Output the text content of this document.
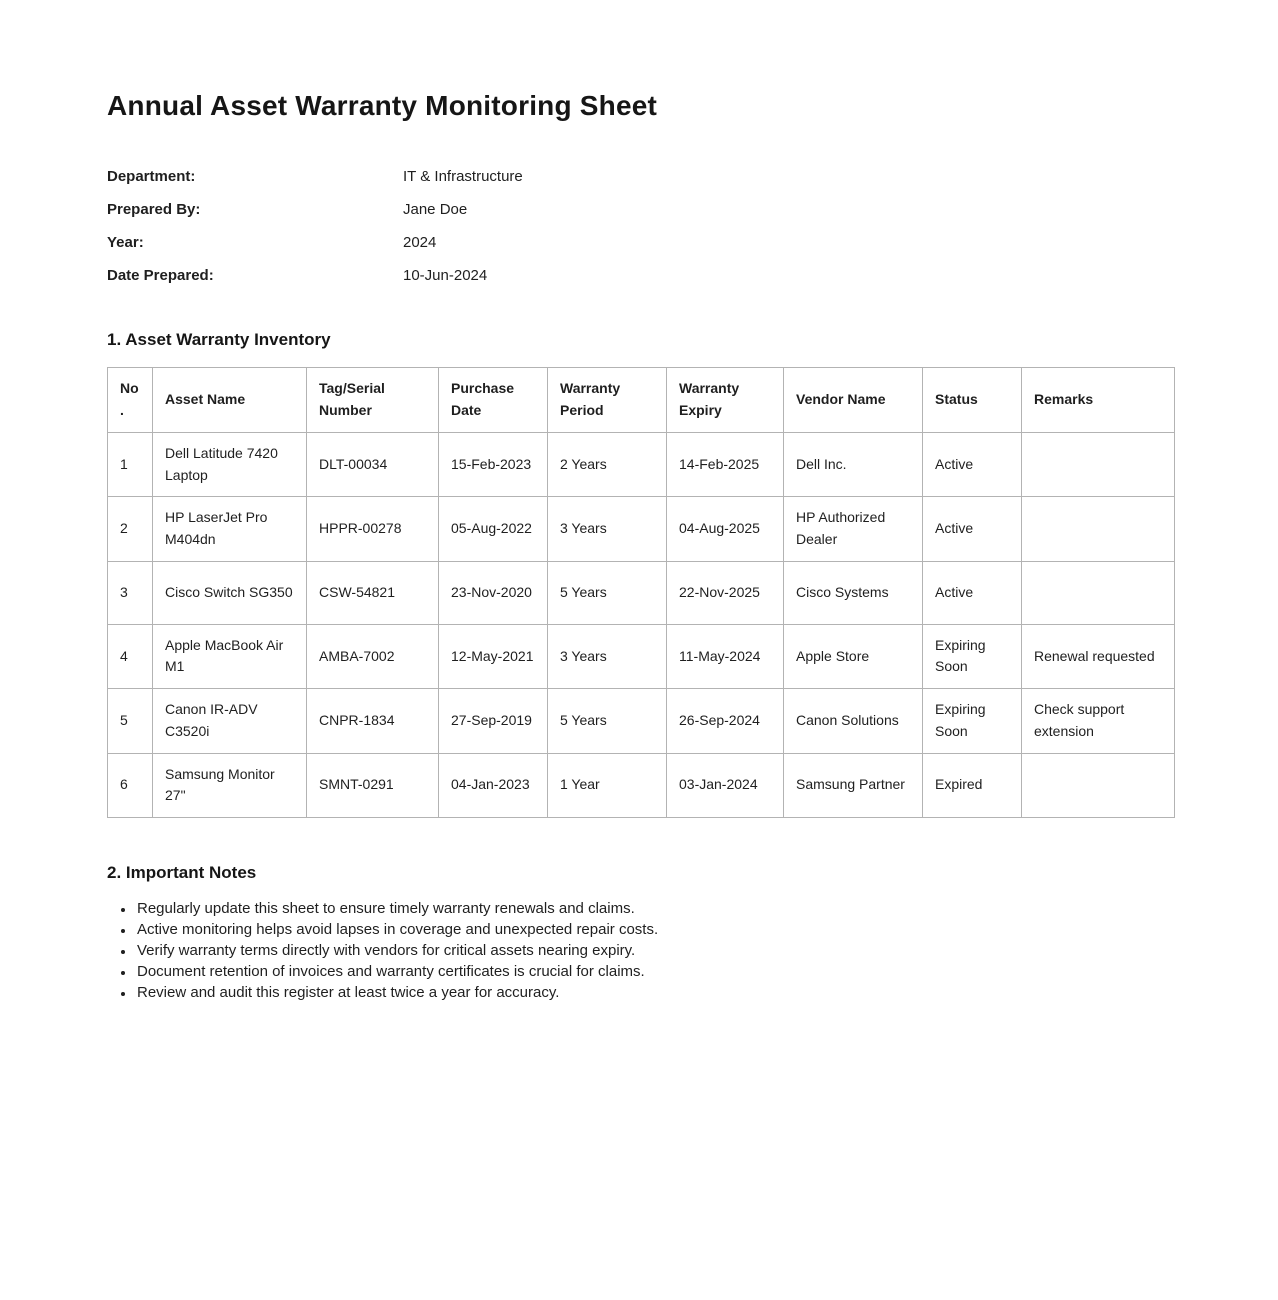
Annual Asset Warranty Monitoring Sheet
Department:	IT & Infrastructure
Prepared By:	Jane Doe
Year:	2024
Date Prepared:	10-Jun-2024
1. Asset Warranty Inventory
No.	Asset Name	Tag/Serial Number	Purchase Date	Warranty Period	Warranty Expiry	Vendor Name	Status	Remarks
1	Dell Latitude 7420 Laptop	DLT-00034	15-Feb-2023	2 Years	14-Feb-2025	Dell Inc.	Active	
2	HP LaserJet Pro M404dn	HPPR-00278	05-Aug-2022	3 Years	04-Aug-2025	HP Authorized Dealer	Active	
3	Cisco Switch SG350	CSW-54821	23-Nov-2020	5 Years	22-Nov-2025	Cisco Systems	Active	
4	Apple MacBook Air M1	AMBA-7002	12-May-2021	3 Years	11-May-2024	Apple Store	Expiring Soon	Renewal requested
5	Canon IR-ADV C3520i	CNPR-1834	27-Sep-2019	5 Years	26-Sep-2024	Canon Solutions	Expiring Soon	Check support extension
6	Samsung Monitor 27"	SMNT-0291	04-Jan-2023	1 Year	03-Jan-2024	Samsung Partner	Expired	
2. Important Notes
• Regularly update this sheet to ensure timely warranty renewals and claims.
• Active monitoring helps avoid lapses in coverage and unexpected repair costs.
• Verify warranty terms directly with vendors for critical assets nearing expiry.
• Document retention of invoices and warranty certificates is crucial for claims.
• Review and audit this register at least twice a year for accuracy.
